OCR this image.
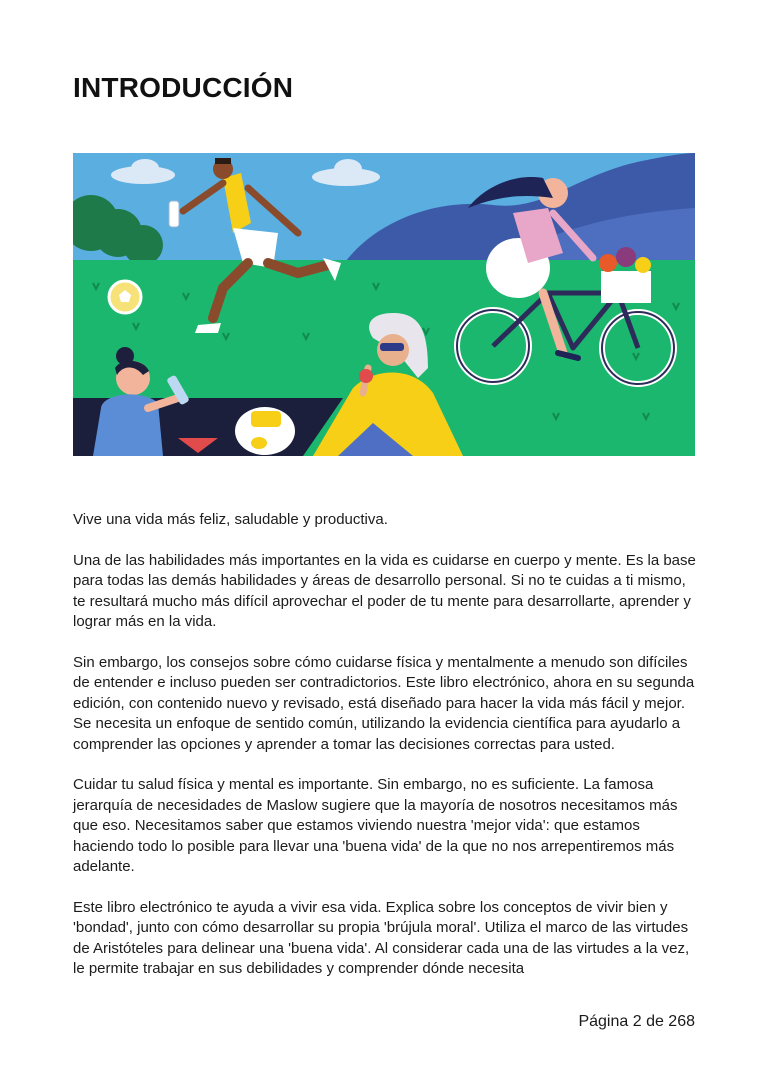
INTRODUCCIÓN

Vive una vida más feliz, saludable y productiva.

Una de las habilidades más importantes en la vida es cuidarse en cuerpo y mente. Es la base para todas las demás habilidades y áreas de desarrollo personal. Si no te cuidas a ti mismo, te resultará mucho más difícil aprovechar el poder de tu mente para desarrollarte, aprender y lograr más en la vida.

Sin embargo, los consejos sobre cómo cuidarse física y mentalmente a menudo son difíciles de entender e incluso pueden ser contradictorios. Este libro electrónico, ahora en su segunda edición, con contenido nuevo y revisado, está diseñado para hacer la vida más fácil y mejor. Se necesita un enfoque de sentido común, utilizando la evidencia científica para ayudarlo a comprender las opciones y aprender a tomar las decisiones correctas para usted.

Cuidar tu salud física y mental es importante. Sin embargo, no es suficiente. La famosa jerarquía de necesidades de Maslow sugiere que la mayoría de nosotros necesitamos más que eso. Necesitamos saber que estamos viviendo nuestra 'mejor vida': que estamos haciendo todo lo posible para llevar una 'buena vida' de la que no nos arrepentiremos más adelante.

Este libro electrónico te ayuda a vivir esa vida. Explica sobre los conceptos de vivir bien y 'bondad', junto con cómo desarrollar su propia 'brújula moral'. Utiliza el marco de las virtudes de Aristóteles para delinear una 'buena vida'. Al considerar cada una de las virtudes a la vez, le permite trabajar en sus debilidades y comprender dónde necesita

Página 2 de 268
